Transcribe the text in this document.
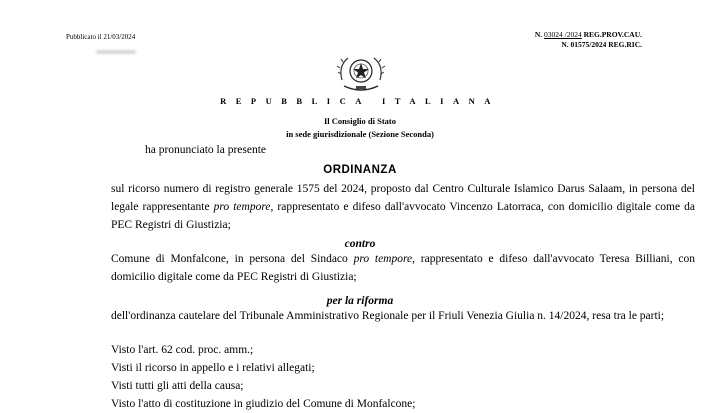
Pubblicato il 21/03/2024	N. 03024 /2024 REG.PROV.CAU.
N. 01575/2024 REG.RIC.
REPUBBLICA ITALIANA
Il Consiglio di Stato
in sede giurisdizionale (Sezione Seconda)
ha pronunciato la presente
ORDINANZA
sul ricorso numero di registro generale 1575 del 2024, proposto dal Centro Culturale Islamico Darus Salaam, in persona del legale rappresentante pro tempore, rappresentato e difeso dall'avvocato Vincenzo Latorraca, con domicilio digitale come da PEC Registri di Giustizia;
contro
Comune di Monfalcone, in persona del Sindaco pro tempore, rappresentato e difeso dall'avvocato Teresa Billiani, con domicilio digitale come da PEC Registri di Giustizia;
per la riforma
dell'ordinanza cautelare del Tribunale Amministrativo Regionale per il Friuli Venezia Giulia n. 14/2024, resa tra le parti;
Visto l'art. 62 cod. proc. amm.;
Visti il ricorso in appello e i relativi allegati;
Visti tutti gli atti della causa;
Visto l'atto di costituzione in giudizio del Comune di Monfalcone;
